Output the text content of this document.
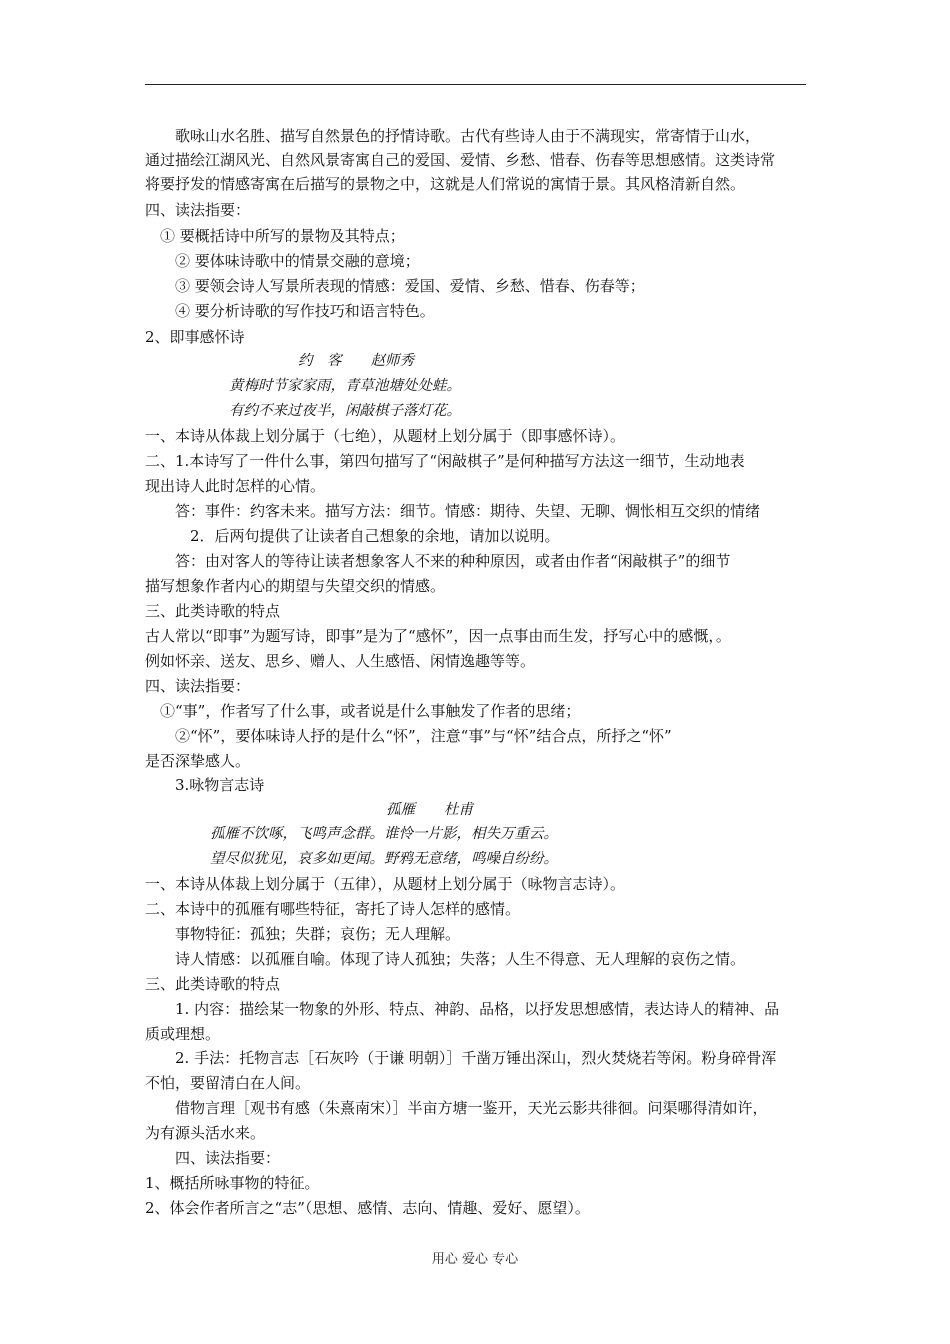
　　歌咏山水名胜、描写自然景色的抒情诗歌。古代有些诗人由于不满现实，常寄情于山水，
通过描绘江湖风光、自然风景寄寓自己的爱国、爱情、乡愁、惜春、伤春等思想感情。这类诗常
将要抒发的情感寄寓在后描写的景物之中，这就是人们常说的寓情于景。其风格清新自然。
四、读法指要：
　① 要概括诗中所写的景物及其特点；
　　② 要体味诗歌中的情景交融的意境；
　　③ 要领会诗人写景所表现的情感：爱国、爱情、乡愁、惜春、伤春等；
　　④ 要分析诗歌的写作技巧和语言特色。
2、即事感怀诗
约　客　　赵师秀
黄梅时节家家雨，青草池塘处处蛙。
有约不来过夜半，闲敲棋子落灯花。
一、本诗从体裁上划分属于（七绝），从题材上划分属于（即事感怀诗）。
二、1.本诗写了一件什么事，第四句描写了“闲敲棋子”是何种描写方法这一细节，生动地表
现出诗人此时怎样的心情。
　　答：事件：约客未来。描写方法：细节。情感：期待、失望、无聊、惆怅相互交织的情绪
　　　2．后两句提供了让读者自己想象的余地，请加以说明。
　　答：由对客人的等待让读者想象客人不来的种种原因，或者由作者“闲敲棋子”的细节
描写想象作者内心的期望与失望交织的情感。
三、此类诗歌的特点
古人常以“即事”为题写诗，即事”是为了“感怀”，因一点事由而生发，抒写心中的感慨，。
例如怀亲、送友、思乡、赠人、人生感悟、闲情逸趣等等。
四、读法指要：
　①“事”，作者写了什么事，或者说是什么事触发了作者的思绪；
　　②“怀”，要体味诗人抒的是什么“怀”，注意“事”与“怀”结合点，所抒之“怀”
是否深挚感人。
　　3.咏物言志诗
孤雁　　杜甫
孤雁不饮啄，飞鸣声念群。谁怜一片影，相失万重云。
望尽似犹见，哀多如更闻。野鸦无意绪，鸣噪自纷纷。
一、本诗从体裁上划分属于（五律），从题材上划分属于（咏物言志诗）。
二、本诗中的孤雁有哪些特征，寄托了诗人怎样的感情。
　　事物特征：孤独；失群；哀伤；无人理解。
　　诗人情感：以孤雁自喻。体现了诗人孤独；失落；人生不得意、无人理解的哀伤之情。
三、此类诗歌的特点
　　1. 内容：描绘某一物象的外形、特点、神韵、品格，以抒发思想感情，表达诗人的精神、品
质或理想。
　　2. 手法：托物言志［石灰吟（于谦 明朝）］千凿万锤出深山，烈火焚烧若等闲。粉身碎骨浑
不怕，要留清白在人间。
　　借物言理［观书有感（朱熹南宋）］半亩方塘一鉴开，天光云影共徘徊。问渠哪得清如许，
为有源头活水来。
　　四、读法指要：
1、概括所咏事物的特征。
2、体会作者所言之“志”（思想、感情、志向、情趣、爱好、愿望）。
用心 爱心 专心
